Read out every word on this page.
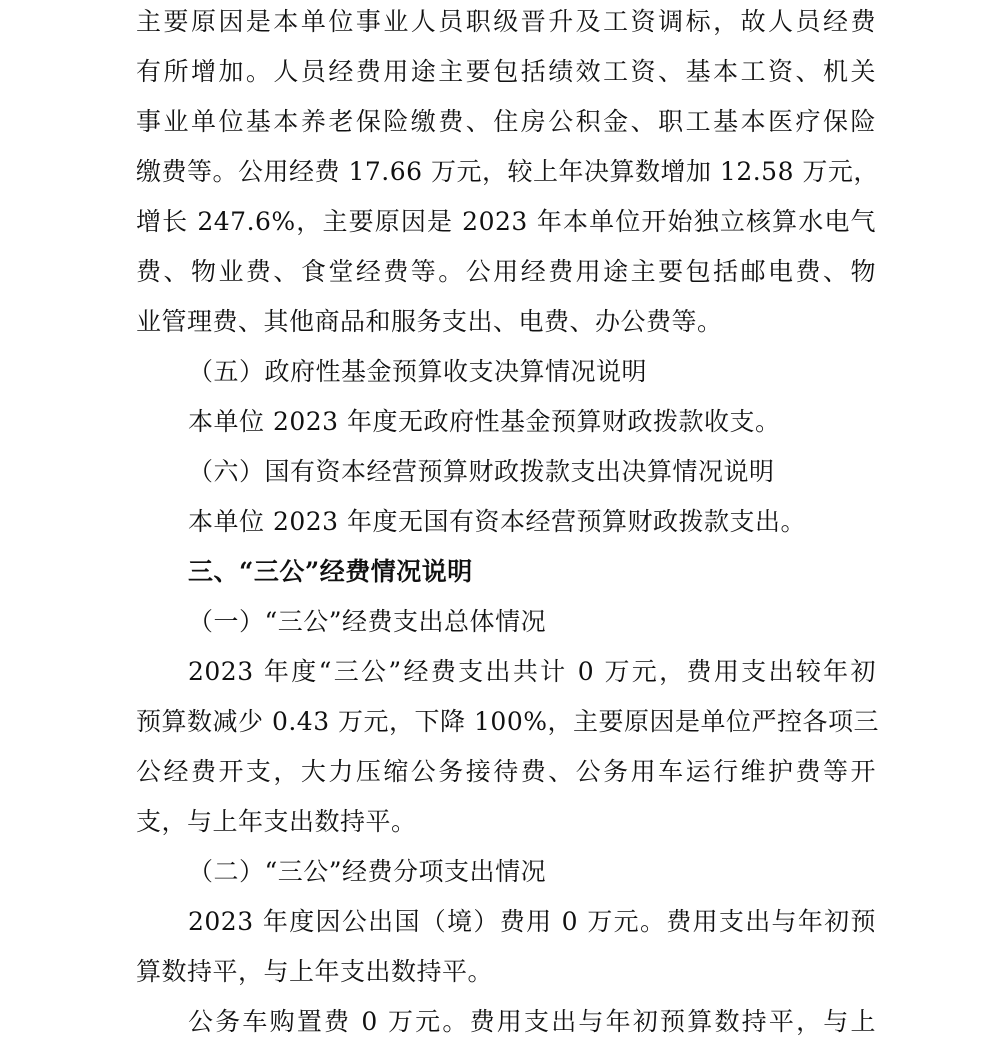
主要原因是本单位事业人员职级晋升及工资调标，故人员经费
有所增加。人员经费用途主要包括绩效工资、基本工资、机关
事业单位基本养老保险缴费、住房公积金、职工基本医疗保险
缴费等。公用经费 17.66 万元，较上年决算数增加 12.58 万元，
增长 247.6%，主要原因是 2023 年本单位开始独立核算水电气
费、物业费、食堂经费等。公用经费用途主要包括邮电费、物
业管理费、其他商品和服务支出、电费、办公费等。
（五）政府性基金预算收支决算情况说明
本单位 2023 年度无政府性基金预算财政拨款收支。
（六）国有资本经营预算财政拨款支出决算情况说明
本单位 2023 年度无国有资本经营预算财政拨款支出。
三、“三公”经费情况说明
（一）“三公”经费支出总体情况
2023 年度“三公”经费支出共计 0 万元，费用支出较年初
预算数减少 0.43 万元，下降 100%，主要原因是单位严控各项三
公经费开支，大力压缩公务接待费、公务用车运行维护费等开
支，与上年支出数持平。
（二）“三公”经费分项支出情况
2023 年度因公出国（境）费用 0 万元。费用支出与年初预
算数持平，与上年支出数持平。
公务车购置费 0 万元。费用支出与年初预算数持平，与上
